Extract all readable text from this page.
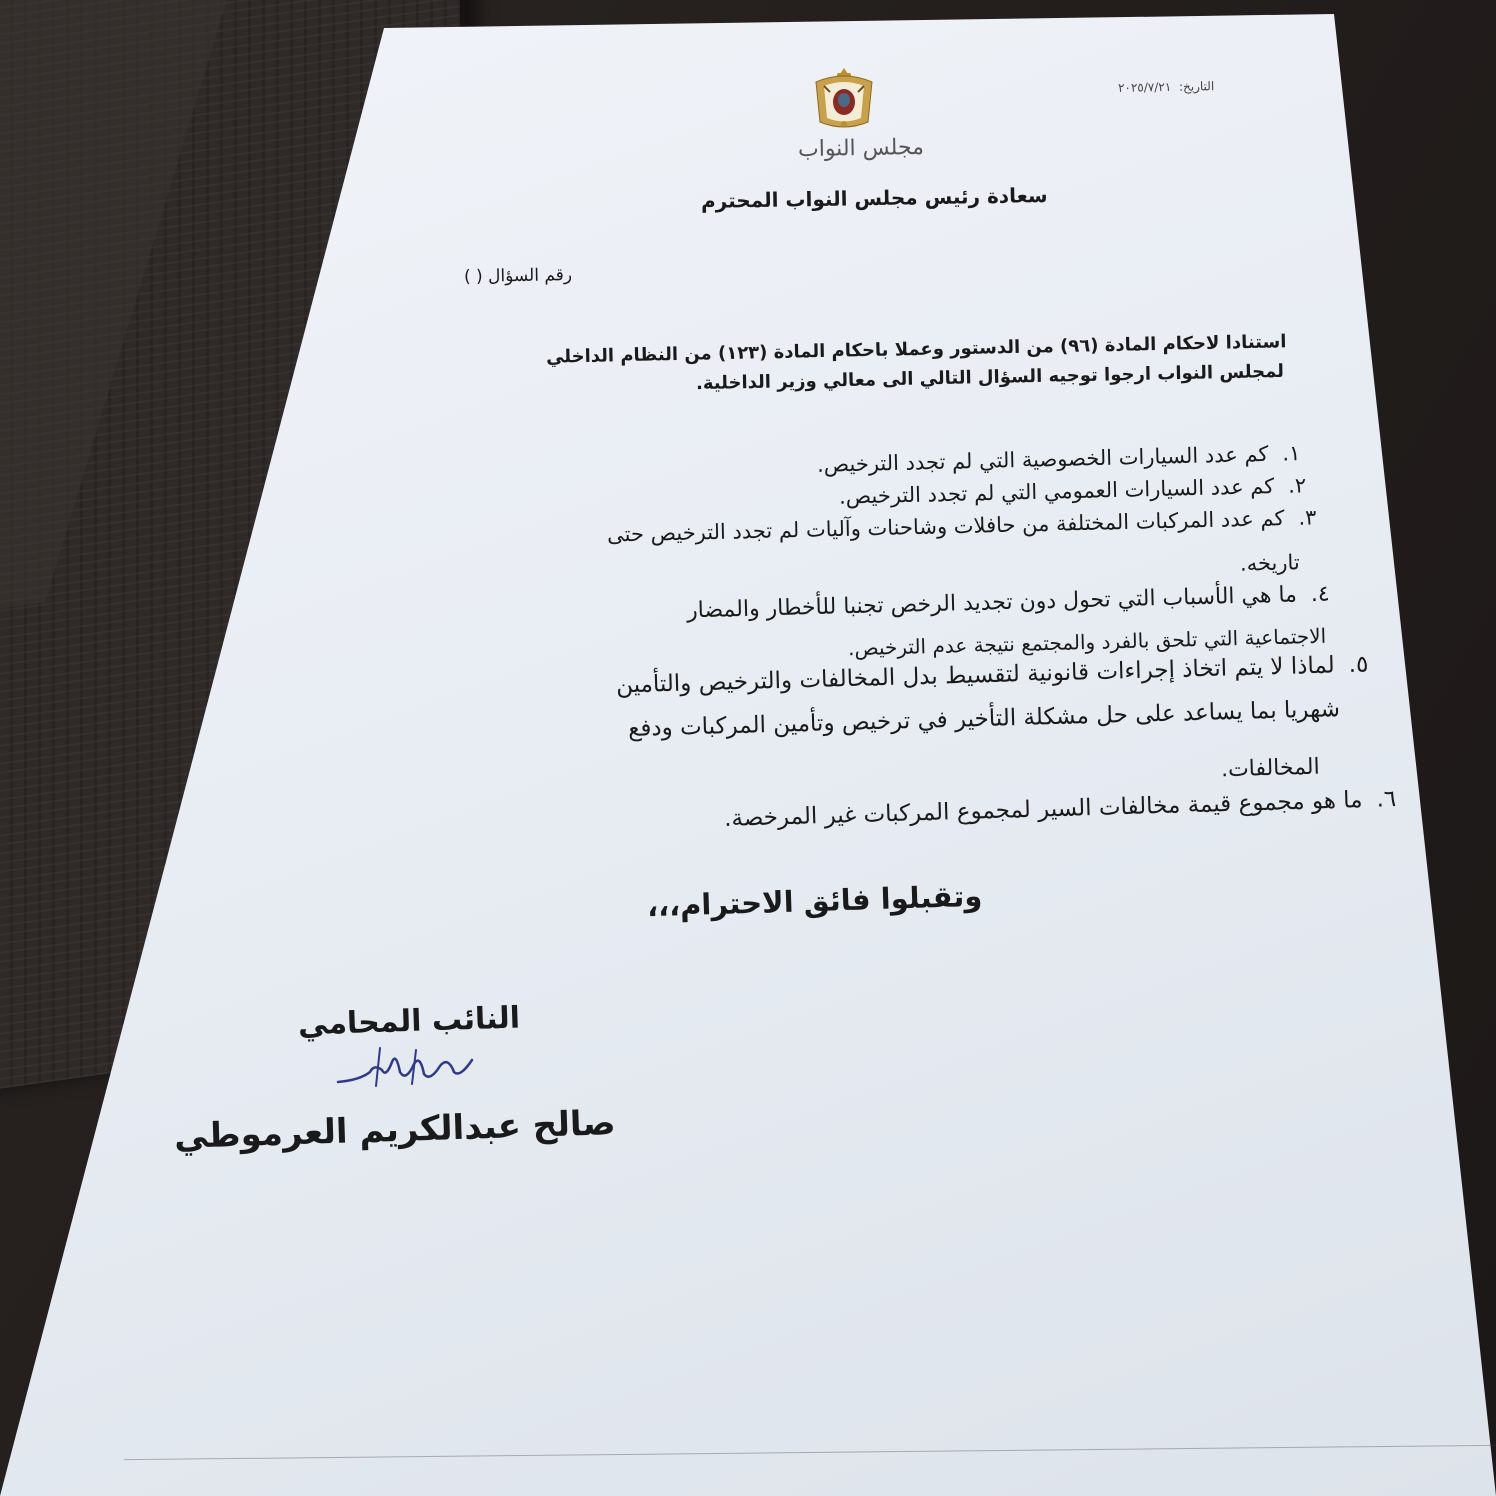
مجلس النواب
التاريخ: ٢٠٢٥/٧/٢١
سعادة رئيس مجلس النواب المحترم
رقم السؤال ( )
استنادا لاحكام المادة (٩٦) من الدستور وعملا باحكام المادة (١٢٣) من النظام الداخلي
لمجلس النواب ارجوا توجيه السؤال التالي الى معالي وزير الداخلية.
١.كم عدد السيارات الخصوصية التي لم تجدد الترخيص.
٢.كم عدد السيارات العمومي التي لم تجدد الترخيص.
٣.كم عدد المركبات المختلفة من حافلات وشاحنات وآليات لم تجدد الترخيص حتى
تاريخه.
٤.ما هي الأسباب التي تحول دون تجديد الرخص تجنبا للأخطار والمضار
الاجتماعية التي تلحق بالفرد والمجتمع نتيجة عدم الترخيص.
٥.لماذا لا يتم اتخاذ إجراءات قانونية لتقسيط بدل المخالفات والترخيص والتأمين
شهريا بما يساعد على حل مشكلة التأخير في ترخيص وتأمين المركبات ودفع
المخالفات.
٦.ما هو مجموع قيمة مخالفات السير لمجموع المركبات غير المرخصة.
وتقبلوا فائق الاحترام،،،
النائب المحامي
صالح عبدالكريم العرموطي
